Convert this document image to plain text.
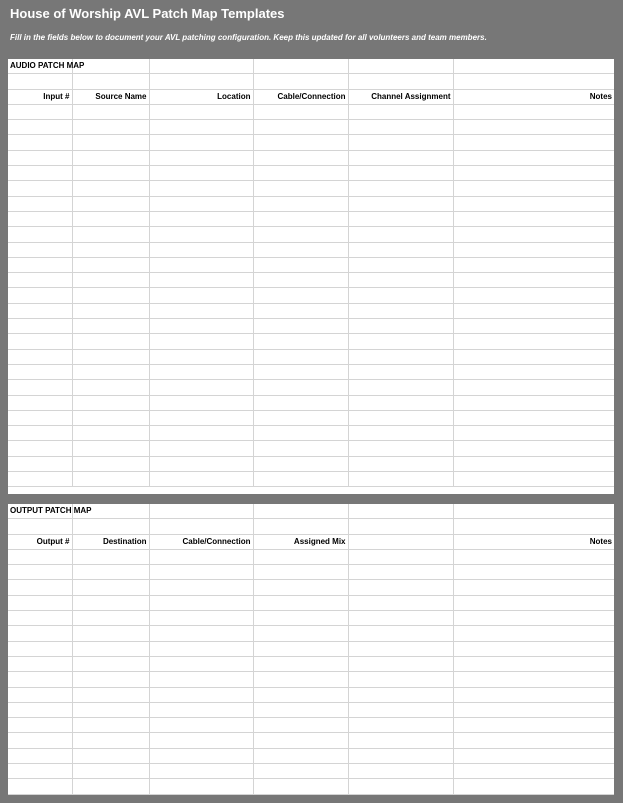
House of Worship AVL Patch Map Templates
Fill in the fields below to document your AVL patching configuration. Keep this updated for all volunteers and team members.
AUDIO PATCH MAP					

Input #	Source Name	Location	Cable/Connection	Channel Assignment	Notes

OUTPUT PATCH MAP					

Output #	Destination	Cable/Connection	Assigned Mix		Notes
